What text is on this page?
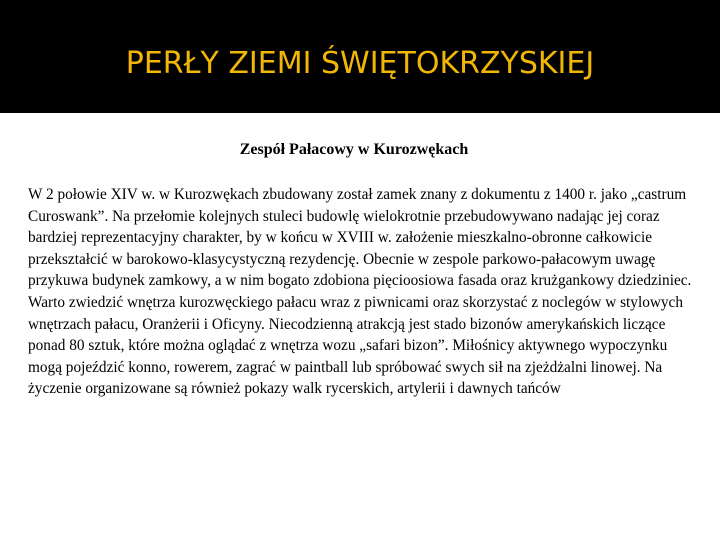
PERŁY ZIEMI ŚWIĘTOKRZYSKIEJ
Zespół Pałacowy w Kurozwękach

W 2 połowie XIV w. w Kurozwękach zbudowany został zamek znany z dokumentu z 1400 r. jako „castrum Curoswank”. Na przełomie kolejnych stuleci budowlę wielokrotnie przebudowywano nadając jej coraz bardziej reprezentacyjny charakter, by w końcu w XVIII w. założenie mieszkalno-obronne całkowicie przekształcić w barokowo-klasycystyczną rezydencję. Obecnie w zespole parkowo-pałacowym uwagę przykuwa budynek zamkowy, a w nim bogato zdobiona pięcioosiowa fasada oraz krużgankowy dziedziniec. Warto zwiedzić wnętrza kurozwęckiego pałacu wraz z piwnicami oraz skorzystać z noclegów w stylowych wnętrzach pałacu, Oranżerii i Oficyny. Niecodzienną atrakcją jest stado bizonów amerykańskich liczące ponad 80 sztuk, które można oglądać z wnętrza wozu „safari bizon”. Miłośnicy aktywnego wypoczynku mogą pojeździć konno, rowerem, zagrać w paintball lub spróbować swych sił na zjeżdżalni linowej. Na życzenie organizowane są również pokazy walk rycerskich, artylerii i dawnych tańców
